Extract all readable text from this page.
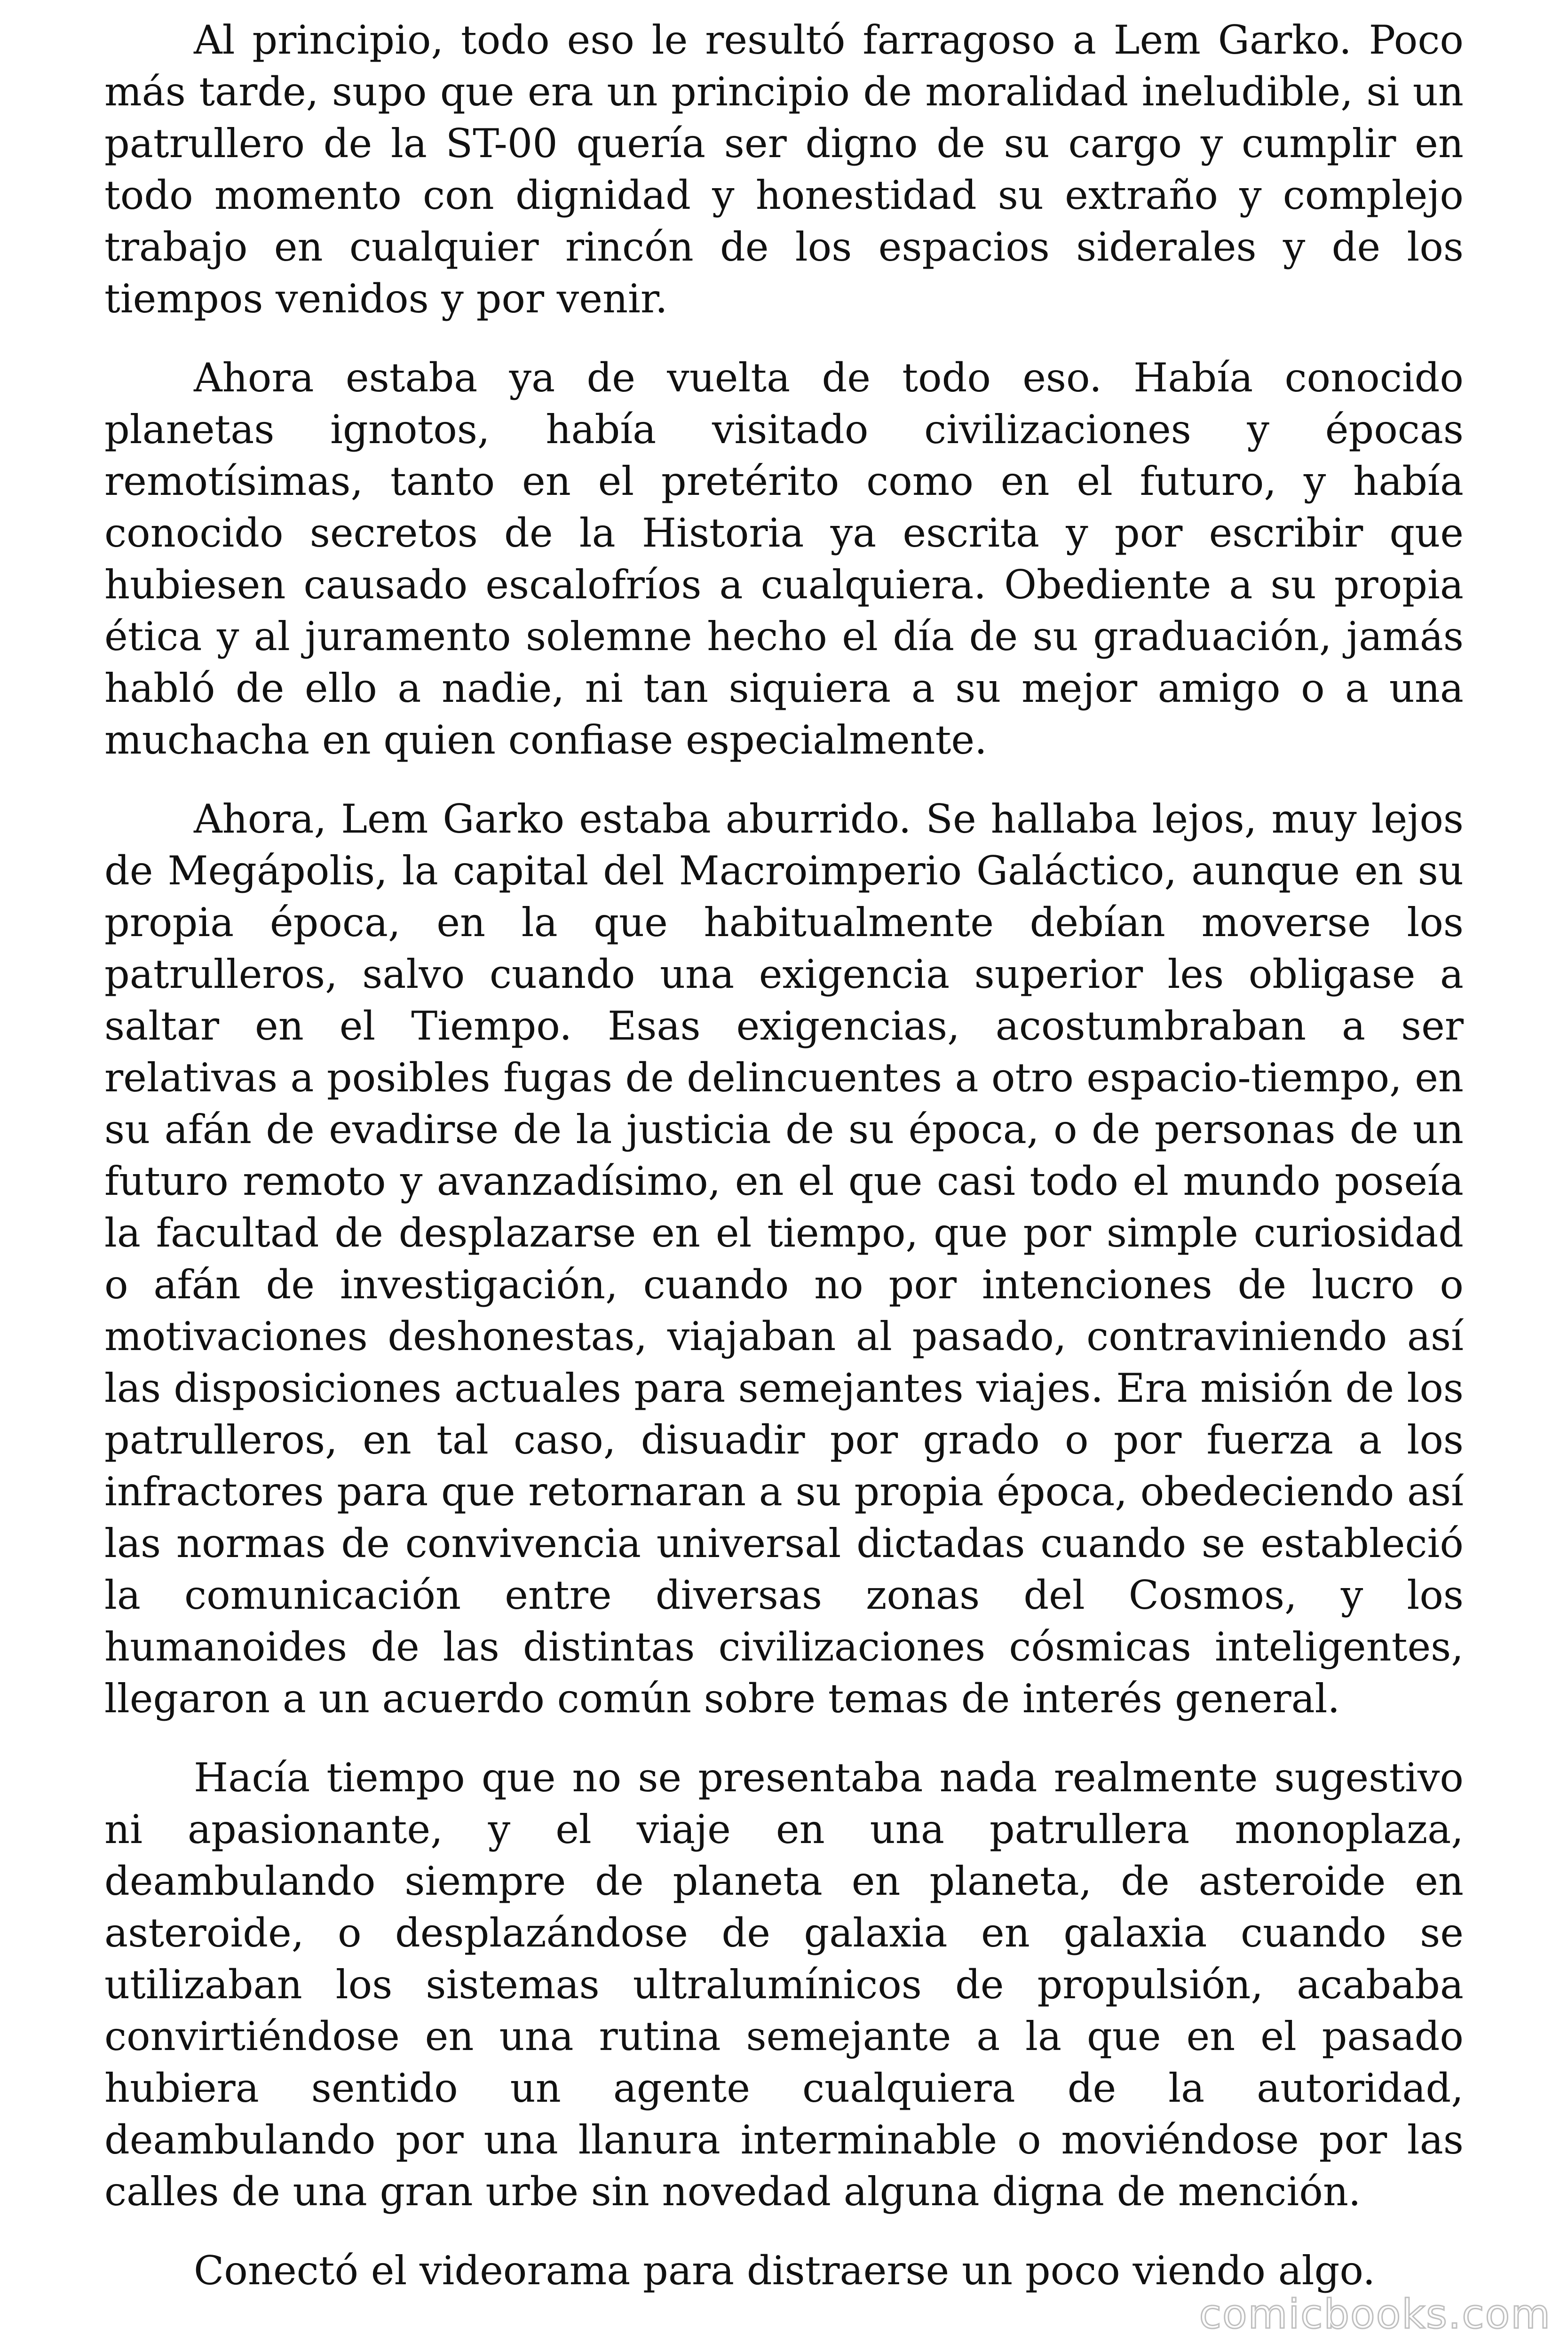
Al principio, todo eso le resultó farragoso a Lem Garko. Poco más tarde, supo que era un principio de moralidad ineludible, si un patrullero de la ST-00 quería ser digno de su cargo y cumplir en todo momento con dignidad y honestidad su extraño y complejo trabajo en cualquier rincón de los espacios siderales y de los tiempos venidos y por venir.

Ahora estaba ya de vuelta de todo eso. Había conocido planetas ignotos, había visitado civilizaciones y épocas remotísimas, tanto en el pretérito como en el futuro, y había conocido secretos de la Historia ya escrita y por escribir que hubiesen causado escalofríos a cualquiera. Obediente a su propia ética y al juramento solemne hecho el día de su graduación, jamás habló de ello a nadie, ni tan siquiera a su mejor amigo o a una muchacha en quien confiase especialmente.

Ahora, Lem Garko estaba aburrido. Se hallaba lejos, muy lejos de Megápolis, la capital del Macroimperio Galáctico, aunque en su propia época, en la que habitualmente debían moverse los patrulleros, salvo cuando una exigencia superior les obligase a saltar en el Tiempo. Esas exigencias, acostumbraban a ser relativas a posibles fugas de delincuentes a otro espacio-tiempo, en su afán de evadirse de la justicia de su época, o de personas de un futuro remoto y avanzadísimo, en el que casi todo el mundo poseía la facultad de desplazarse en el tiempo, que por simple curiosidad o afán de investigación, cuando no por intenciones de lucro o motivaciones deshonestas, viajaban al pasado, contraviniendo así las disposiciones actuales para semejantes viajes. Era misión de los patrulleros, en tal caso, disuadir por grado o por fuerza a los infractores para que retornaran a su propia época, obedeciendo así las normas de convivencia universal dictadas cuando se estableció la comunicación entre diversas zonas del Cosmos, y los humanoides de las distintas civilizaciones cósmicas inteligentes, llegaron a un acuerdo común sobre temas de interés general.

Hacía tiempo que no se presentaba nada realmente sugestivo ni apasionante, y el viaje en una patrullera monoplaza, deambulando siempre de planeta en planeta, de asteroide en asteroide, o desplazándose de galaxia en galaxia cuando se utilizaban los sistemas ultralumínicos de propulsión, acababa convirtiéndose en una rutina semejante a la que en el pasado hubiera sentido un agente cualquiera de la autoridad, deambulando por una llanura interminable o moviéndose por las calles de una gran urbe sin novedad alguna digna de mención.

Conectó el videorama para distraerse un poco viendo algo.

comicbooks.com
